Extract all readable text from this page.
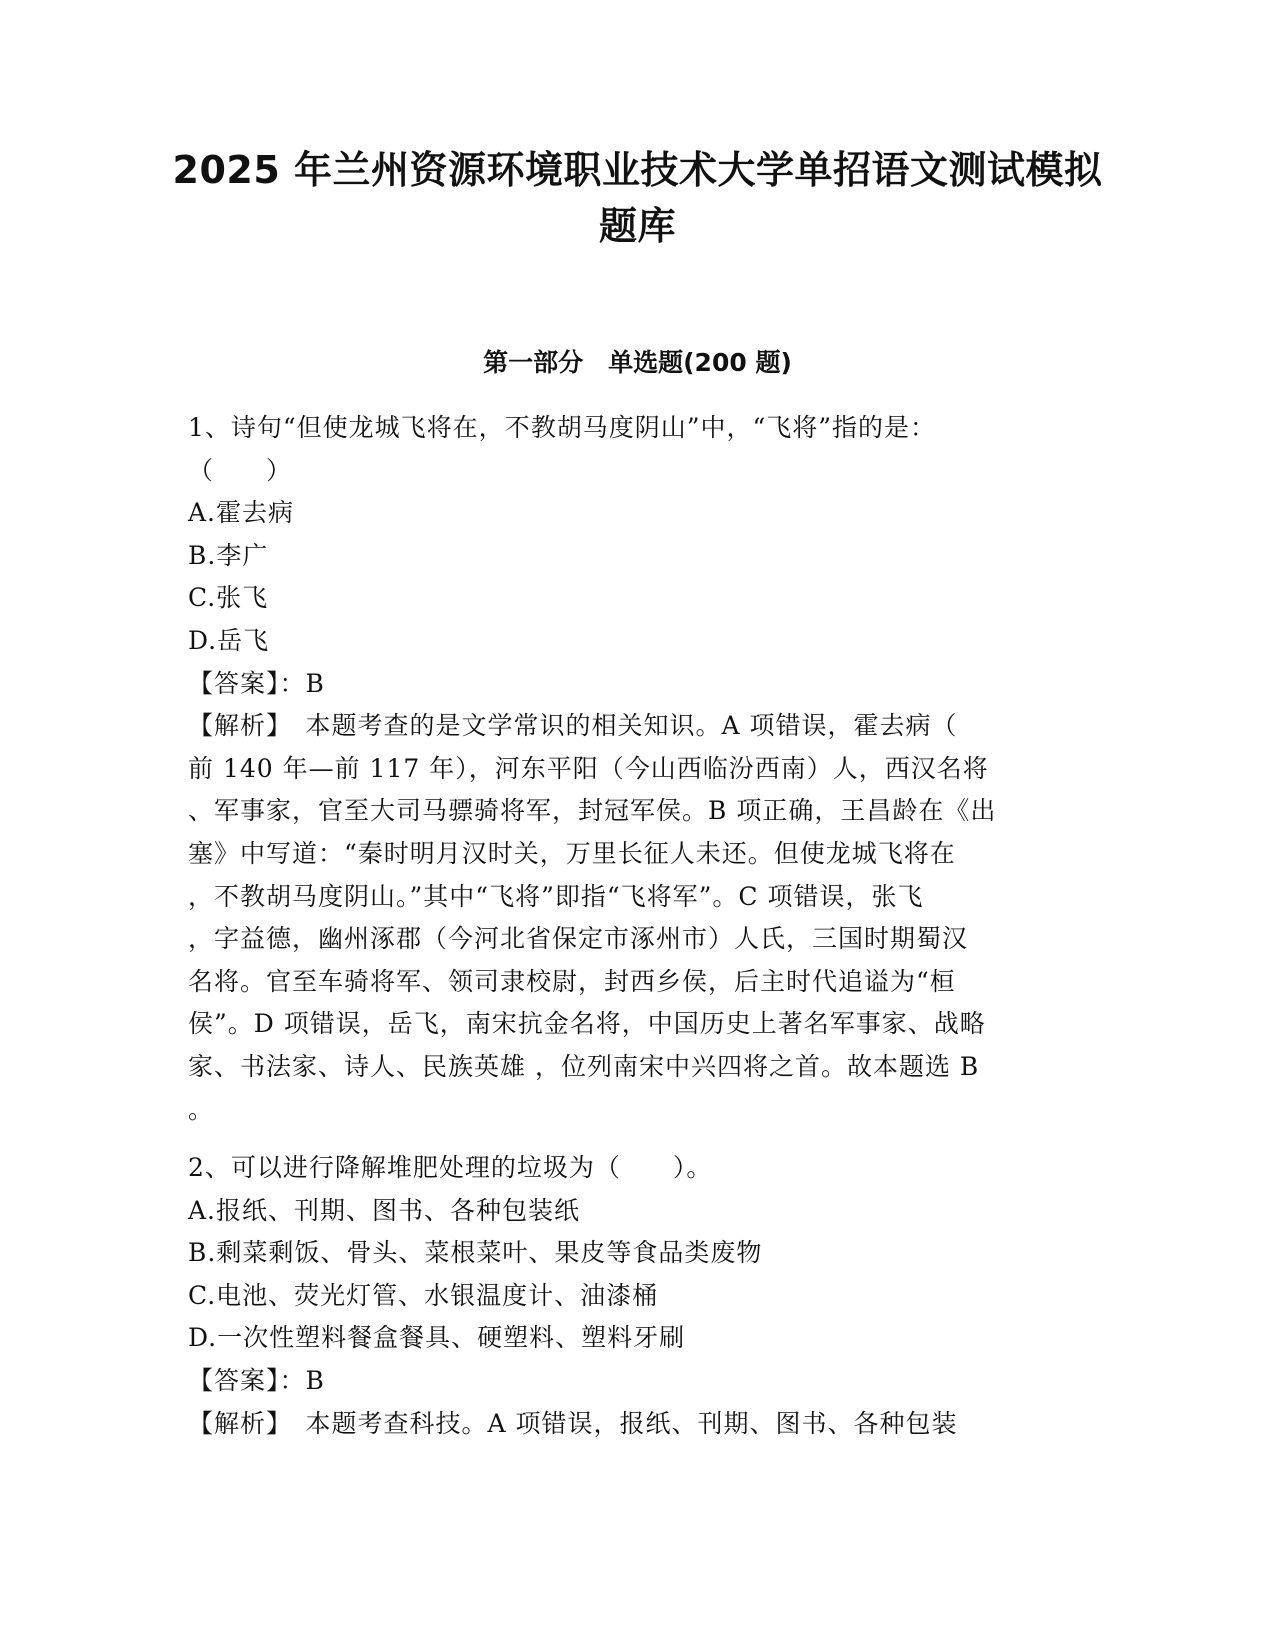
2025 年兰州资源环境职业技术大学单招语文测试模拟
题库
第一部分　单选题(200 题)
1、诗句“但使龙城飞将在，不教胡马度阴山”中，“飞将”指的是：
（　　）
A.霍去病
B.李广
C.张飞
D.岳飞
【答案】：B
【解析】　本题考查的是文学常识的相关知识。A 项错误，霍去病（
前 140 年—前 117 年），河东平阳（今山西临汾西南）人，西汉名将
、军事家，官至大司马骠骑将军，封冠军侯。B 项正确，王昌龄在《出
塞》中写道：“秦时明月汉时关，万里长征人未还。但使龙城飞将在
，不教胡马度阴山。”其中“飞将”即指“飞将军”。C 项错误，张飞
，字益德，幽州涿郡（今河北省保定市涿州市）人氏，三国时期蜀汉
名将。官至车骑将军、领司隶校尉，封西乡侯，后主时代追谥为“桓
侯”。D 项错误，岳飞，南宋抗金名将，中国历史上著名军事家、战略
家、书法家、诗人、民族英雄 ，位列南宋中兴四将之首。故本题选 B
。
2、可以进行降解堆肥处理的垃圾为（　　）。
A.报纸、刊期、图书、各种包装纸
B.剩菜剩饭、骨头、菜根菜叶、果皮等食品类废物
C.电池、荧光灯管、水银温度计、油漆桶
D.一次性塑料餐盒餐具、硬塑料、塑料牙刷
【答案】：B
【解析】　本题考查科技。A 项错误，报纸、刊期、图书、各种包装
